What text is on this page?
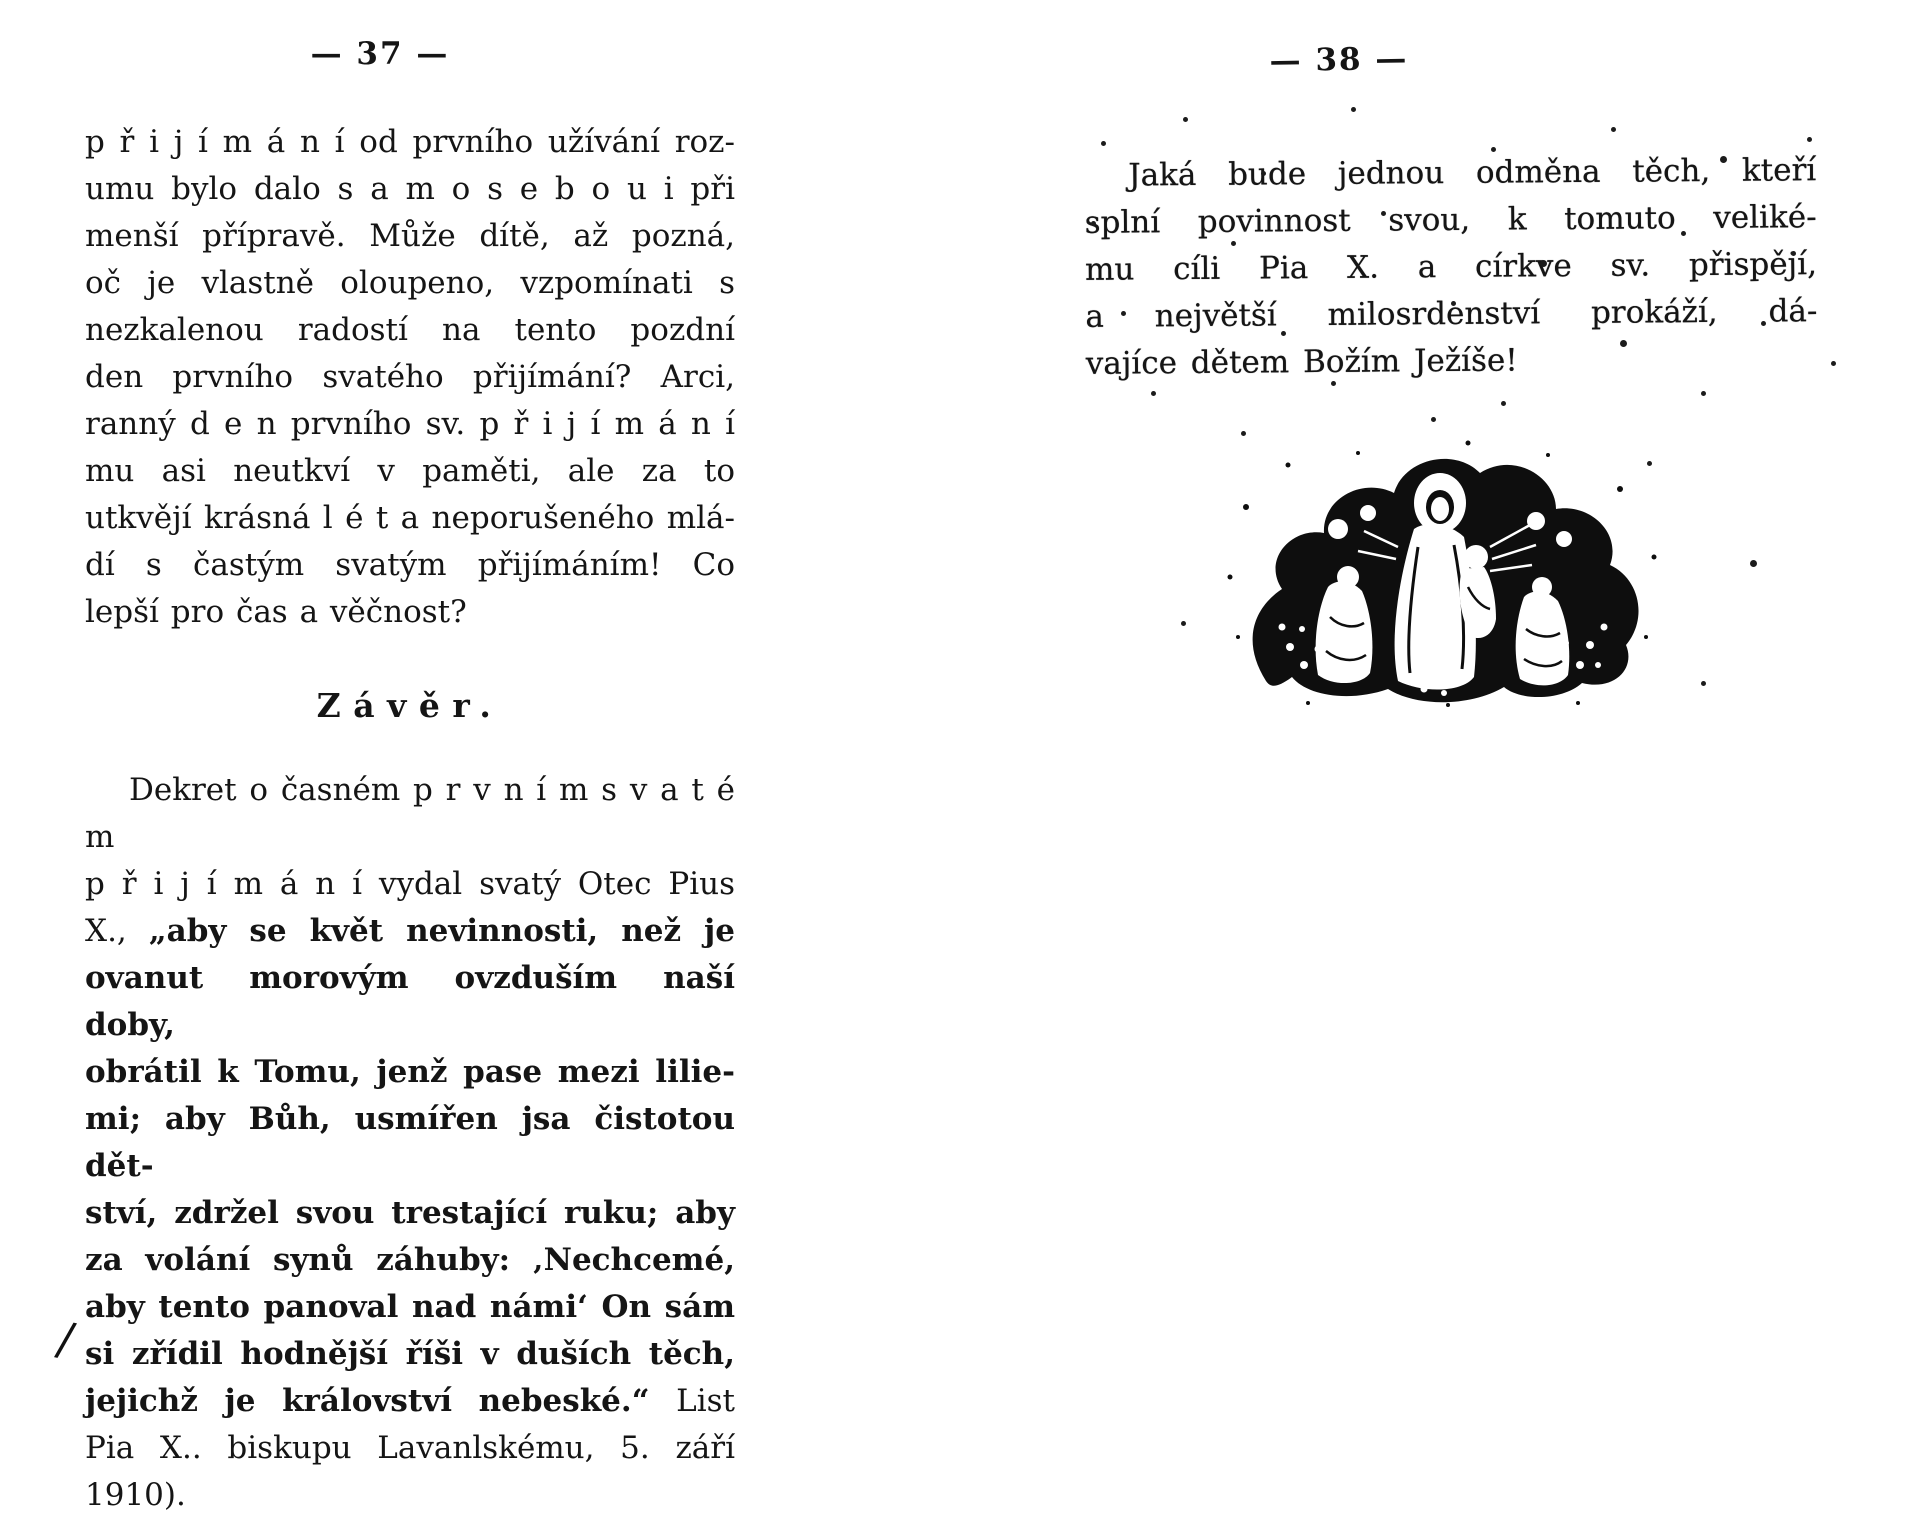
— 37 —
p ř i j í m á n í od prvního užívání roz-
umu bylo dalo s a m o s e b o u i při
menší přípravě. Může dítě, až pozná,
oč je vlastně oloupeno, vzpomínati s
nezkalenou radostí na tento pozdní
den prvního svatého přijímání? Arci,
ranný d e n prvního sv. p ř i j í m á n í
mu asi neutkví v paměti, ale za to
utkvějí krásná l é t a neporušeného mlá-
dí s častým svatým přijímáním! Co
lepší pro čas a věčnost?
Závěr.
Dekret o časném p r v n í m s v a t é m
p ř i j í m á n í vydal svatý Otec Pius
X., „aby se květ nevinnosti, než je
ovanut morovým ovzduším naší doby,
obrátil k Tomu, jenž pase mezi lilie-
mi; aby Bůh, usmířen jsa čistotou dět-
ství, zdržel svou trestající ruku; aby
za volání synů záhuby: ‚Nechcemé,
aby tento panoval nad námi‘ On sám
si zřídil hodnější říši v duších těch,
jejichž je království nebeské.“ List
Pia X.. biskupu Lavanlskému, 5. září
1910).
/
— 38 —
Jaká bude jednou odměna těch, kteří
splní povinnost svou, k tomuto veliké-
mu cíli Pia X. a církve sv. přispějí,
a největší milosrdenství prokáží, dá-
vajíce dětem Božím Ježíše!
